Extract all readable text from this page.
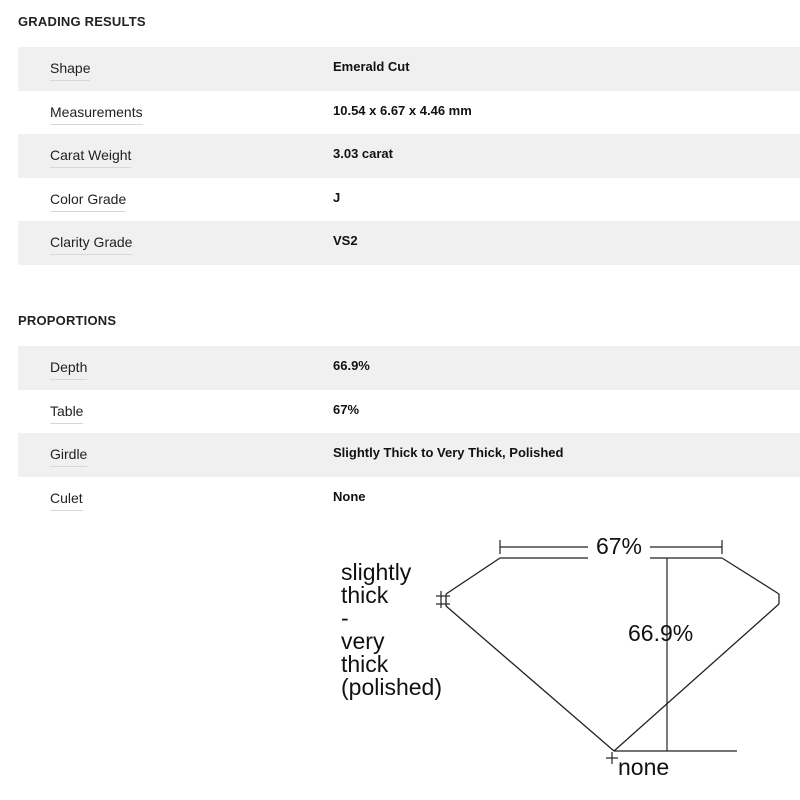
GRADING RESULTS
Shape	Emerald Cut
Measurements	10.54 x 6.67 x 4.46 mm
Carat Weight	3.03 carat
Color Grade	J
Clarity Grade	VS2
PROPORTIONS
Depth	66.9%
Table	67%
Girdle	Slightly Thick to Very Thick, Polished
Culet	None
67%
66.9%
slightly
thick
-
very
thick
(polished)
none
